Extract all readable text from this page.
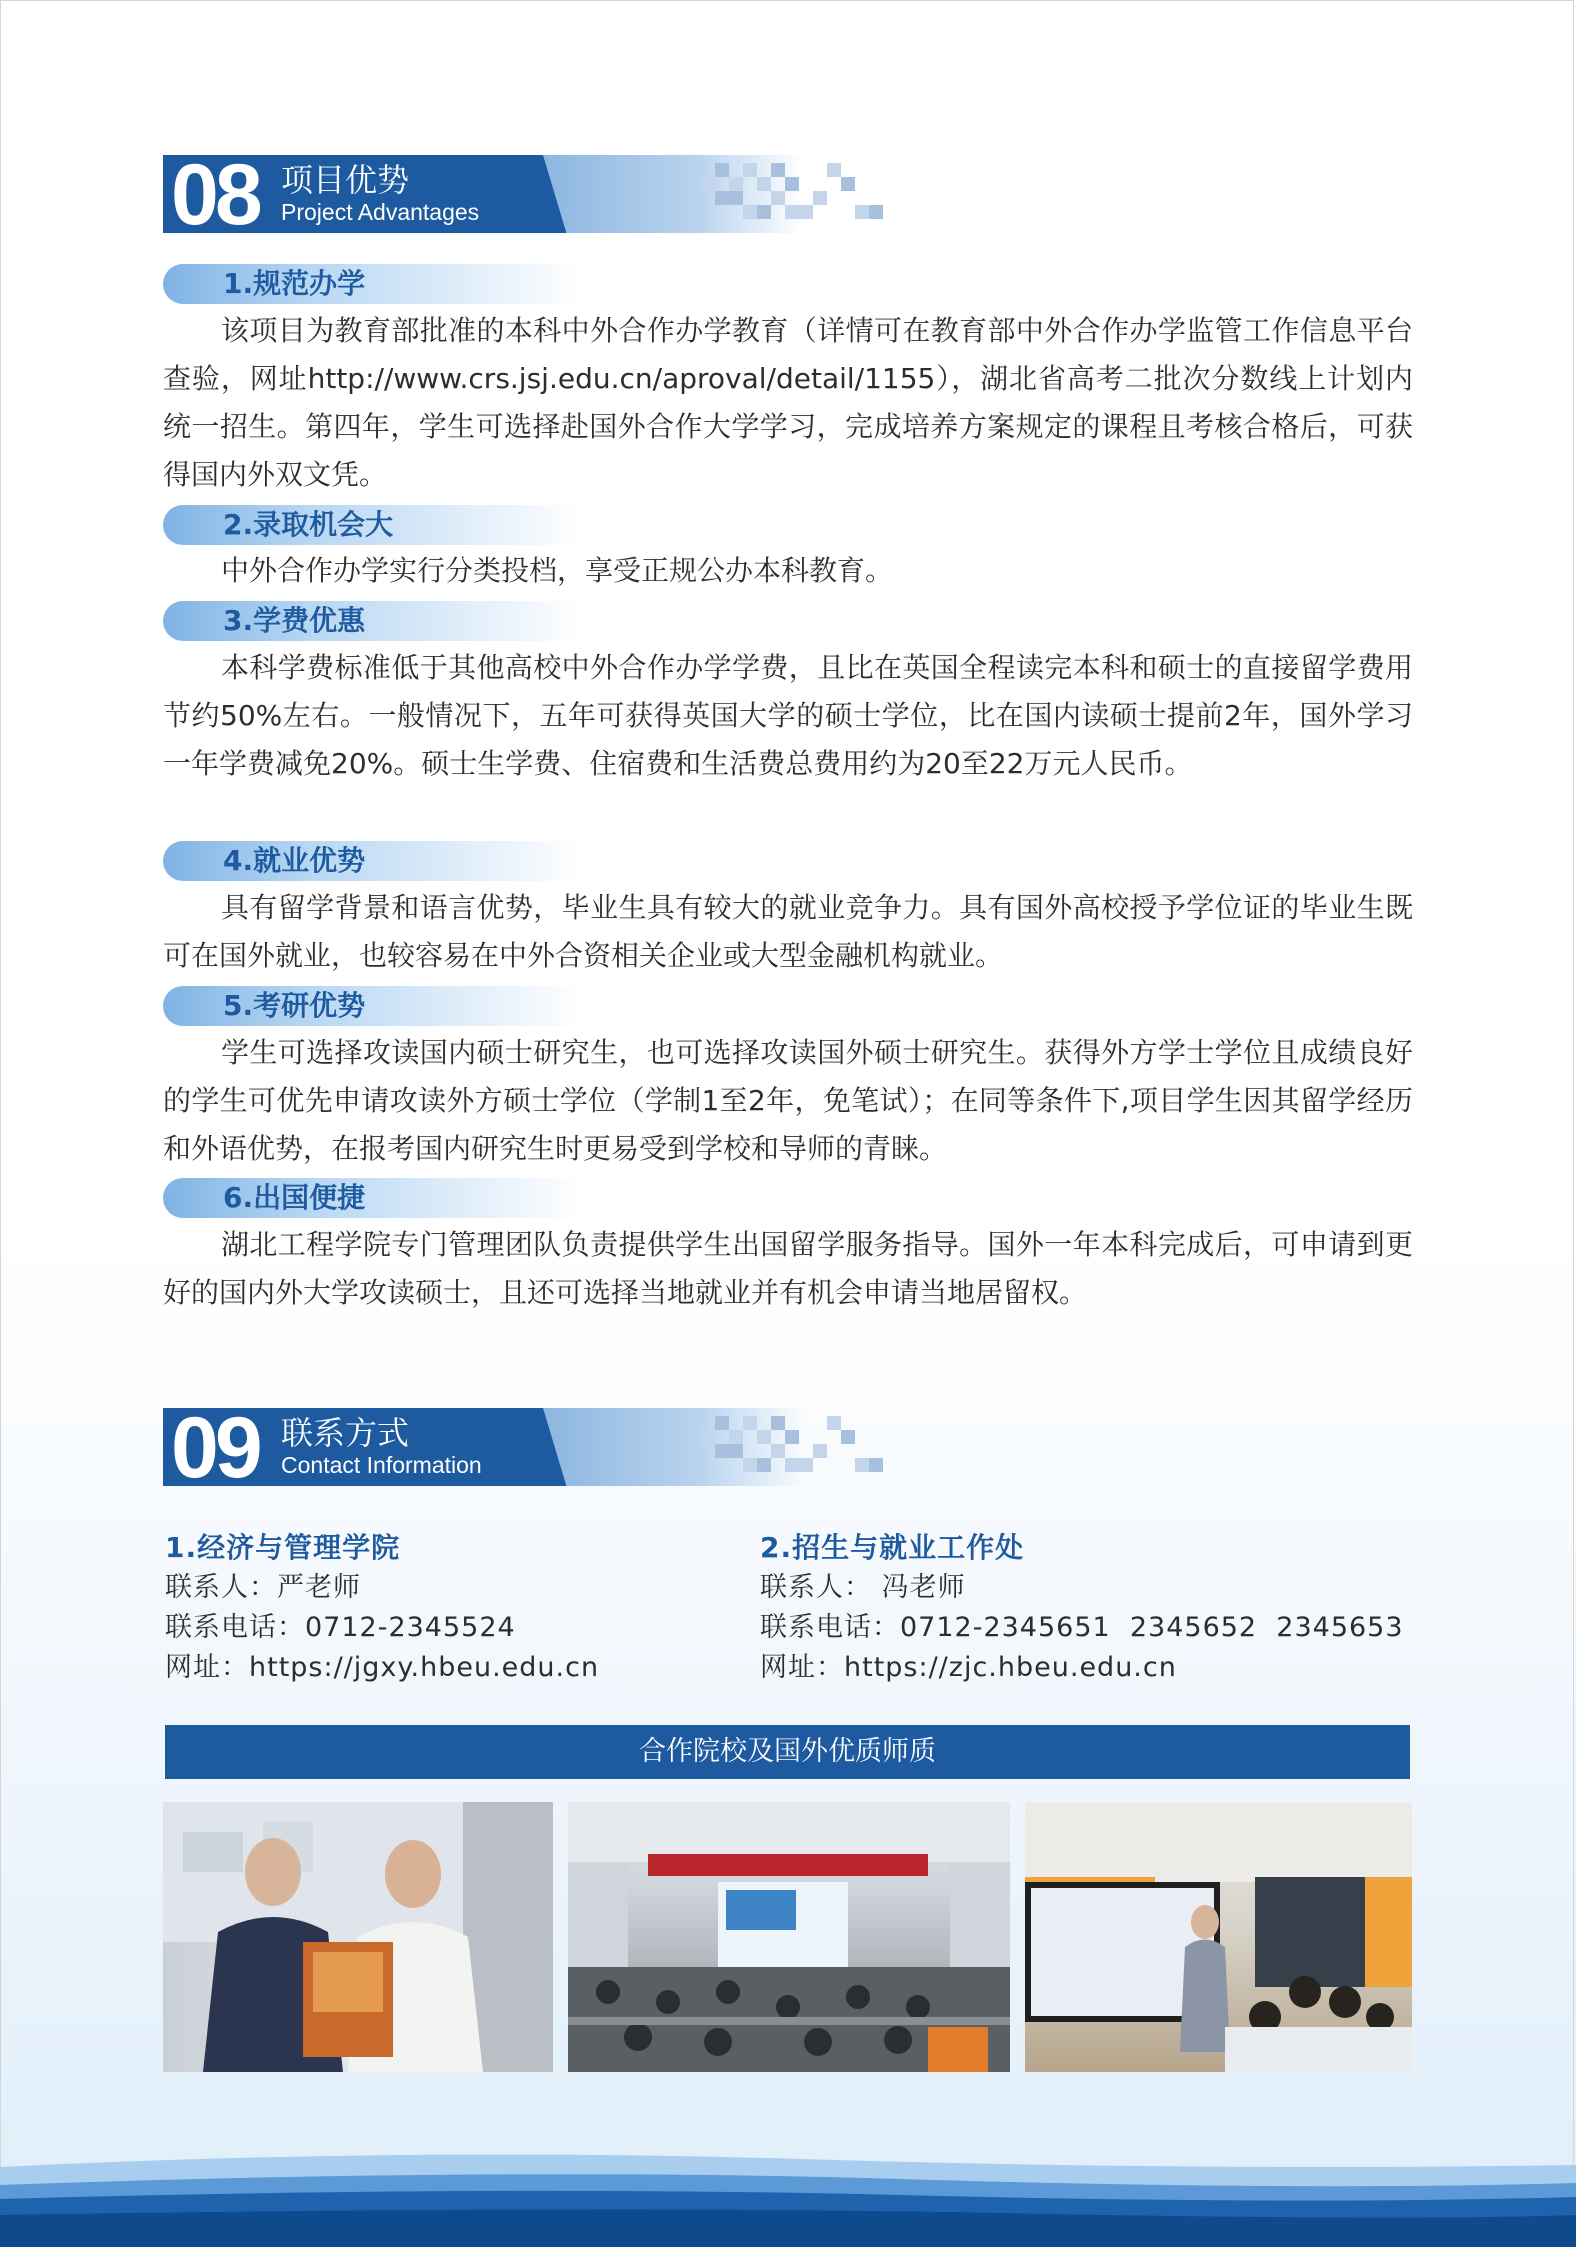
08 项目优势
Project Advantages
1.规范办学

该项目为教育部批准的本科中外合作办学教育（详情可在教育部中外合作办学监管工作信息平台查验，网址http://www.crs.jsj.edu.cn/aproval/detail/1155），湖北省高考二批次分数线上计划内统一招生。第四年，学生可选择赴国外合作大学学习，完成培养方案规定的课程且考核合格后，可获得国内外双文凭。

2.录取机会大

中外合作办学实行分类投档，享受正规公办本科教育。

3.学费优惠

本科学费标准低于其他高校中外合作办学学费，且比在英国全程读完本科和硕士的直接留学费用节约50%左右。一般情况下，五年可获得英国大学的硕士学位，比在国内读硕士提前2年，国外学习一年学费减免20%。硕士生学费、住宿费和生活费总费用约为20至22万元人民币。

4.就业优势

具有留学背景和语言优势，毕业生具有较大的就业竞争力。具有国外高校授予学位证的毕业生既可在国外就业，也较容易在中外合资相关企业或大型金融机构就业。

5.考研优势

学生可选择攻读国内硕士研究生，也可选择攻读国外硕士研究生。获得外方学士学位且成绩良好的学生可优先申请攻读外方硕士学位（学制1至2年，免笔试）；在同等条件下,项目学生因其留学经历和外语优势，在报考国内研究生时更易受到学校和导师的青睐。

6.出国便捷

湖北工程学院专门管理团队负责提供学生出国留学服务指导。国外一年本科完成后，可申请到更好的国内外大学攻读硕士，且还可选择当地就业并有机会申请当地居留权。

09 联系方式
Contact Information
1.经济与管理学院
联系人：严老师
联系电话：0712-2345524
网址：https://jgxy.hbeu.edu.cn
2.招生与就业工作处
联系人： 冯老师
联系电话：0712-2345651  2345652  2345653
网址：https://zjc.hbeu.edu.cn
合作院校及国外优质师质
